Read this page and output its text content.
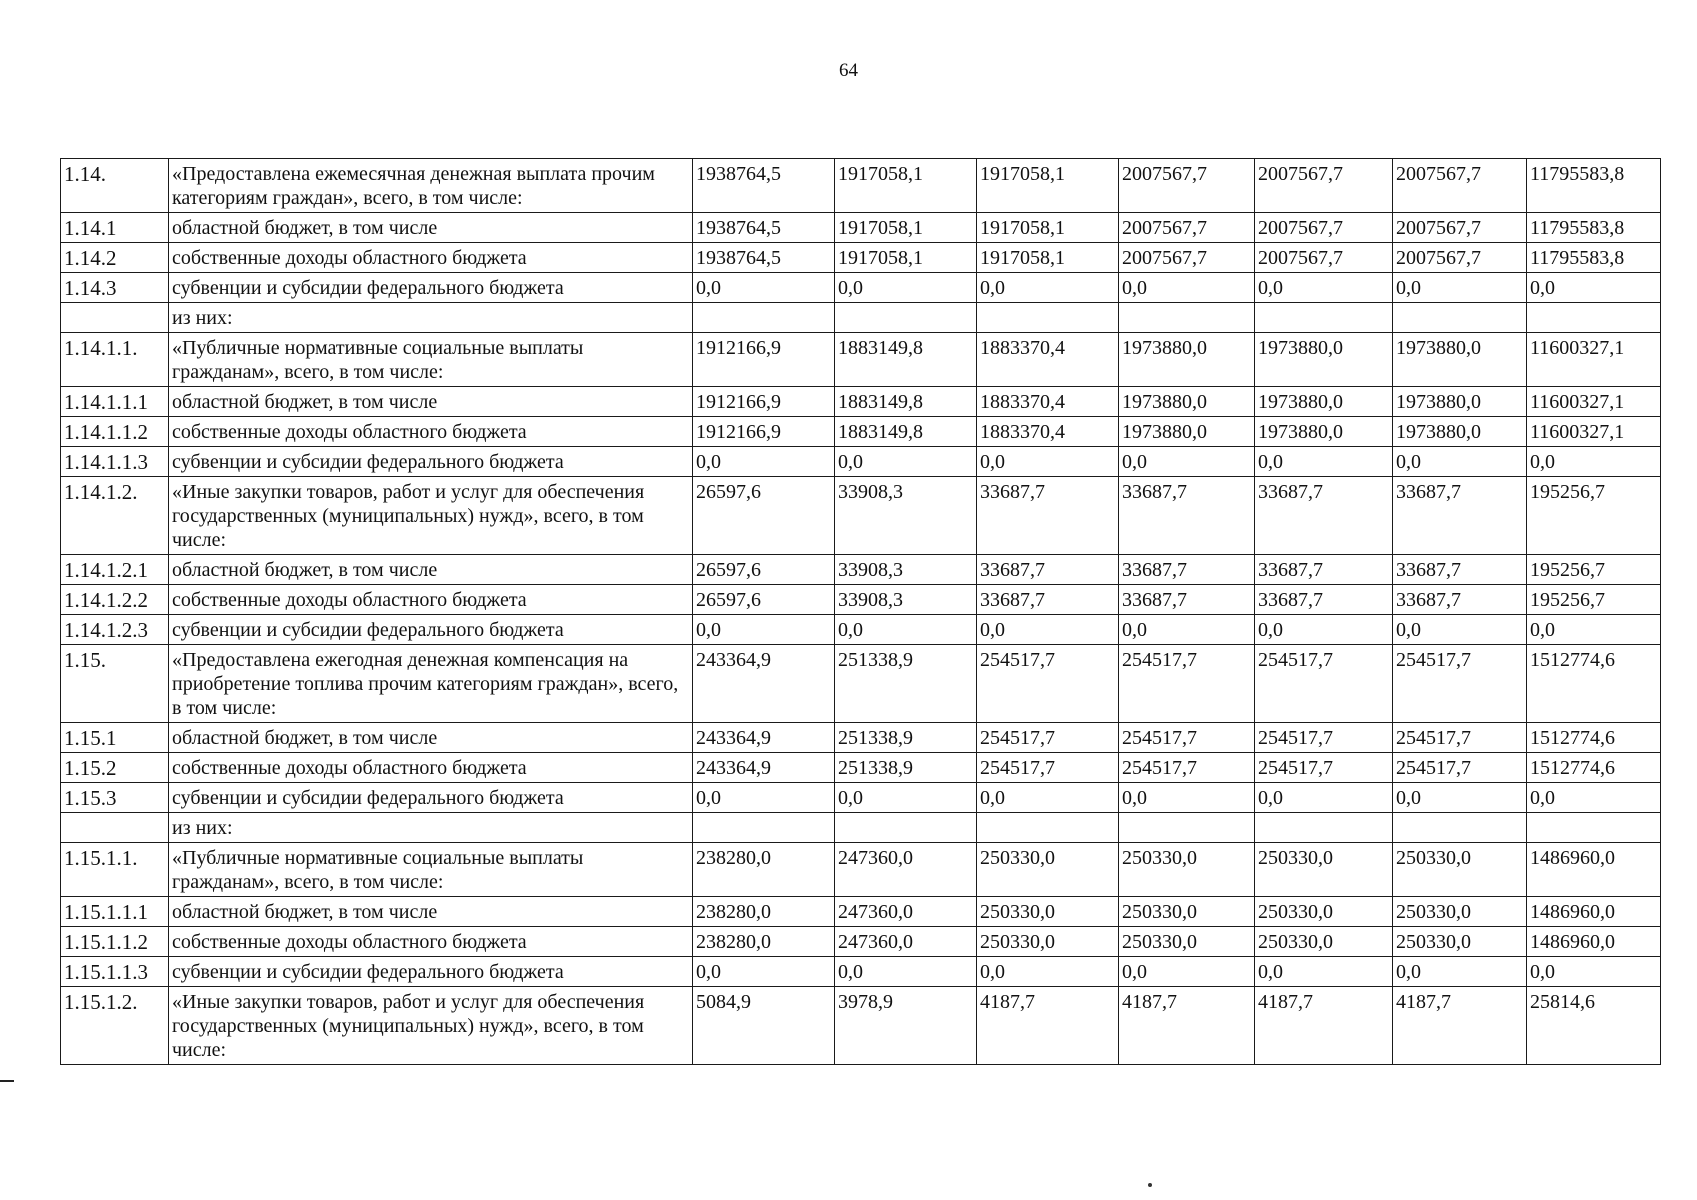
64
1.14.	«Предоставлена ежемесячная денежная выплата прочим категориям граждан», всего, в том числе:	1938764,5	1917058,1	1917058,1	2007567,7	2007567,7	2007567,7	11795583,8
1.14.1	областной бюджет, в том числе	1938764,5	1917058,1	1917058,1	2007567,7	2007567,7	2007567,7	11795583,8
1.14.2	собственные доходы областного бюджета	1938764,5	1917058,1	1917058,1	2007567,7	2007567,7	2007567,7	11795583,8
1.14.3	субвенции и субсидии федерального бюджета	0,0	0,0	0,0	0,0	0,0	0,0	0,0
	из них:							
1.14.1.1.	«Публичные нормативные социальные выплаты гражданам», всего, в том числе:	1912166,9	1883149,8	1883370,4	1973880,0	1973880,0	1973880,0	11600327,1
1.14.1.1.1	областной бюджет, в том числе	1912166,9	1883149,8	1883370,4	1973880,0	1973880,0	1973880,0	11600327,1
1.14.1.1.2	собственные доходы областного бюджета	1912166,9	1883149,8	1883370,4	1973880,0	1973880,0	1973880,0	11600327,1
1.14.1.1.3	субвенции и субсидии федерального бюджета	0,0	0,0	0,0	0,0	0,0	0,0	0,0
1.14.1.2.	«Иные закупки товаров, работ и услуг для обеспечения государственных (муниципальных) нужд», всего, в том числе:	26597,6	33908,3	33687,7	33687,7	33687,7	33687,7	195256,7
1.14.1.2.1	областной бюджет, в том числе	26597,6	33908,3	33687,7	33687,7	33687,7	33687,7	195256,7
1.14.1.2.2	собственные доходы областного бюджета	26597,6	33908,3	33687,7	33687,7	33687,7	33687,7	195256,7
1.14.1.2.3	субвенции и субсидии федерального бюджета	0,0	0,0	0,0	0,0	0,0	0,0	0,0
1.15.	«Предоставлена ежегодная денежная компенсация на приобретение топлива прочим категориям граждан», всего, в том числе:	243364,9	251338,9	254517,7	254517,7	254517,7	254517,7	1512774,6
1.15.1	областной бюджет, в том числе	243364,9	251338,9	254517,7	254517,7	254517,7	254517,7	1512774,6
1.15.2	собственные доходы областного бюджета	243364,9	251338,9	254517,7	254517,7	254517,7	254517,7	1512774,6
1.15.3	субвенции и субсидии федерального бюджета	0,0	0,0	0,0	0,0	0,0	0,0	0,0
	из них:							
1.15.1.1.	«Публичные нормативные социальные выплаты гражданам», всего, в том числе:	238280,0	247360,0	250330,0	250330,0	250330,0	250330,0	1486960,0
1.15.1.1.1	областной бюджет, в том числе	238280,0	247360,0	250330,0	250330,0	250330,0	250330,0	1486960,0
1.15.1.1.2	собственные доходы областного бюджета	238280,0	247360,0	250330,0	250330,0	250330,0	250330,0	1486960,0
1.15.1.1.3	субвенции и субсидии федерального бюджета	0,0	0,0	0,0	0,0	0,0	0,0	0,0
1.15.1.2.	«Иные закупки товаров, работ и услуг для обеспечения государственных (муниципальных) нужд», всего, в том числе:	5084,9	3978,9	4187,7	4187,7	4187,7	4187,7	25814,6
